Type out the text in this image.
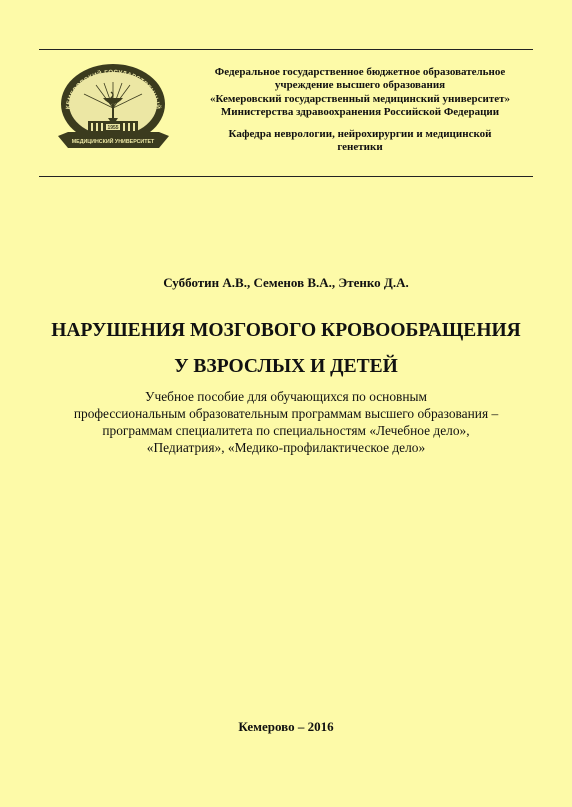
КЕМЕРОВСКИЙ ГОСУДАРСТВЕННЫЙ
1955
МЕДИЦИНСКИЙ УНИВЕРСИТЕТ
Федеральное государственное бюджетное образовательное
учреждение высшего образования
«Кемеровский государственный медицинский университет»
Министерства здравоохранения Российской Федерации
Кафедра неврологии, нейрохирургии и медицинской
генетики
Субботин А.В., Семенов В.А., Этенко Д.А.
НАРУШЕНИЯ МОЗГОВОГО КРОВООБРАЩЕНИЯ
У ВЗРОСЛЫХ И ДЕТЕЙ
Учебное пособие для обучающихся по основным
профессиональным образовательным программам высшего образования –
программам специалитета по специальностям «Лечебное дело»,
«Педиатрия», «Медико-профилактическое дело»
Кемерово – 2016
